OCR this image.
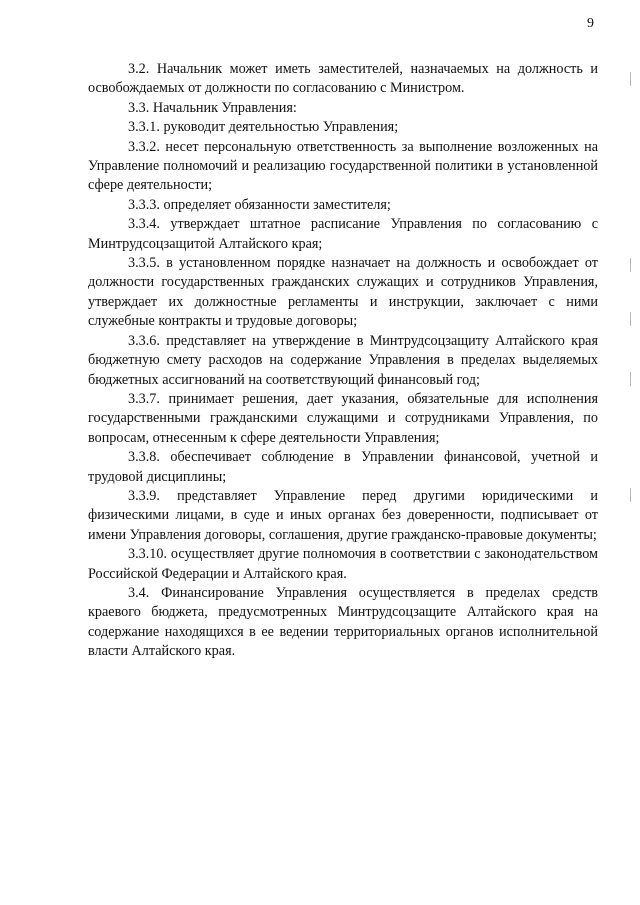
9

3.2. Начальник может иметь заместителей, назначаемых на должность и освобождаемых от должности по согласованию с Министром.

3.3. Начальник Управления:

3.3.1. руководит деятельностью Управления;

3.3.2. несет персональную ответственность за выполнение возложенных на Управление полномочий и реализацию государственной политики в установленной сфере деятельности;

3.3.3. определяет обязанности заместителя;

3.3.4. утверждает штатное расписание Управления по согласованию с Минтрудсоцзащитой Алтайского края;

3.3.5. в установленном порядке назначает на должность и освобождает от должности государственных гражданских служащих и сотрудников Управления, утверждает их должностные регламенты и инструкции, заключает с ними служебные контракты и трудовые договоры;

3.3.6. представляет на утверждение в Минтрудсоцзащиту Алтайского края бюджетную смету расходов на содержание Управления в пределах выделяемых бюджетных ассигнований на соответствующий финансовый год;

3.3.7. принимает решения, дает указания, обязательные для исполнения государственными гражданскими служащими и сотрудниками Управления, по вопросам, отнесенным к сфере деятельности Управления;

3.3.8. обеспечивает соблюдение в Управлении финансовой, учетной и трудовой дисциплины;

3.3.9. представляет Управление перед другими юридическими и физическими лицами, в суде и иных органах без доверенности, подписывает от имени Управления договоры, соглашения, другие гражданско-правовые документы;

3.3.10. осуществляет другие полномочия в соответствии с законодательством Российской Федерации и Алтайского края.

3.4. Финансирование Управления осуществляется в пределах средств краевого бюджета, предусмотренных Минтрудсоцзащите Алтайского края на содержание находящихся в ее ведении территориальных органов исполнительной власти Алтайского края.
